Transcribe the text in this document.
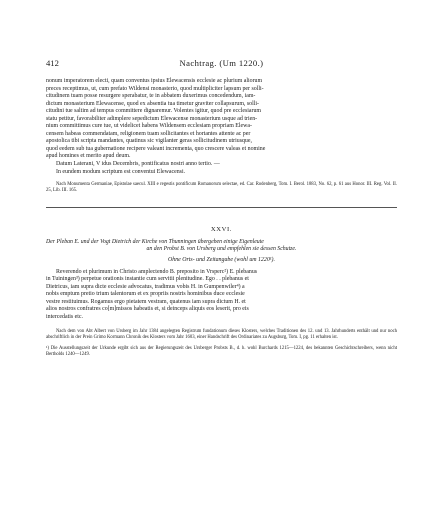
412	Nachtrag. (Um 1220.)

nonum imperatorem electi, quam conventus ipsius Elewacensis ecclesie ac plurium aliorum

preces receptimus, ut, cum prefato Wildensi monasterio, quod multipliciter lapsum per solli-

citudinem tuam posse resurgere sperabatur, te in abbatem duxerimus concedendum, iam-

dictum monasterium Elewacense, quod ex absentia tua timetur graviter collapsurum, solli-

citudini tue saltim ad tempus committere dignaremur. Volentes igitur, quod pre ecclesiarum

statu petitur, favorabiliter adimplere sepedictum Elewacense monasterium usque ad trien-

nium committimus cure tue, ut videlicet habens Wildensem ecclesiam propriam Elewa-

censem habeas commendatam, religionem tuam sollicitantes et hortantes attente ac per

apostolica tibi scripta mandantes, quatinus sic vigilanter geras sollicitudinem utriusque,

quod eedem sub tua gubernatione recipere valeant incrementa, quo crescere valeas et nomine

apud homines et merito apud deum.

Datum Laterani, V idus Decembris, pontificatus nostri anno tertio. —

In eundem modum scriptum est conventui Elewacensi.

Nach Monumenta Germaniae, Epistolae saecul. XIII e regestis pontificum Romanorum selectae, ed. Car. Rodenberg, Tom. I. Berol. 1883, No. 62, p. 61 aus Honor. III. Reg. Vol. II. 25, Lib. III. 165.
XXVI.
Der Pleban E. und der Vogt Dietrich der Kirche von Thunningen übergeben einige Eigenleute
an den Probst B. von Ursberg und empfehlen sie dessen Schutze.
Ohne Orts- und Zeitangabe (wohl um 1220¹).

Reverendo et plurimum in Christo amplectendo B. preposito in Vrsperc²) E. plebanus

in Tuiningen³) perpetue orationis instantie cum servitii plenitudine. Ego . . plebanus et

Dietricus, iam supra dicte ecclesie advocatus, tradimus vobis H. in Gumpenwiler⁴) a

nobis emptum pretio trium talentorum et ex propriis nostris hominibus duce ecclesie

vestre restituimus. Rogamus ergo pietatem vestram, quatenus iam supra dictum H. et

alios nostros confratres co[m]missos habeatis et, si deinceps aliquis eos leserit, pro eis

intercedatis etc.

Nach dem von Abt Albert von Ursberg im Jahr 1384 angelegten Registrum fundationum dieses Klosters, welches Traditionen des 12. und 13. Jahrhunderts enthält und nur noch abschriftlich in der Prein Grimo Kormann Chronik des Klosters vom Jahr 1603, einer Handschrift des Ordinariates zu Augsburg, Tom. I, pg. 11 erhalten ist.
¹) Die Ausstellungszeit der Urkunde ergibt sich aus der Regierungszeit des Ursberger Probsts B., d. h. wohl Burchards 1215—1224, des bekannten Geschichtschreibers, wenn nicht Bertholds 1240—1249.
